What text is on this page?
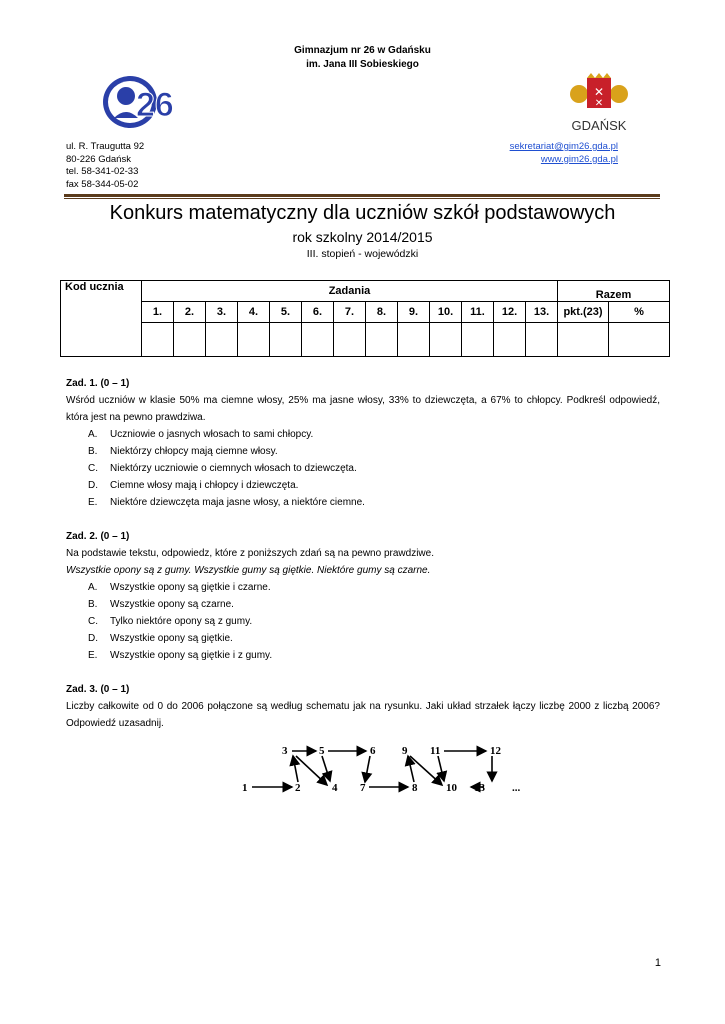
Gimnazjum nr 26 w Gdańsku
im. Jana III Sobieskiego
26	✕
✕
GDAŃSK
ul. R. Traugutta 92
80-226 Gdańsk
tel. 58-341-02-33
fax 58-344-05-02
sekretariat@gim26.gda.pl
www.gim26.gda.pl
Konkurs matematyczny dla uczniów szkół podstawowych
rok szkolny 2014/2015
III. stopień - wojewódzki
Kod ucznia	Zadania													Razem	
	1.	2.	3.	4.	5.	6.	7.	8.	9.	10.	11.	12.	13.	pkt.(23)	%

Zad. 1. (0 – 1)
Wśród uczniów w klasie 50% ma ciemne włosy, 25% ma jasne włosy, 33% to dziewczęta, a 67% to chłopcy. Podkreśl odpowiedź, która jest na pewno prawdziwa.
A.	Uczniowie o jasnych włosach to sami chłopcy.
B.	Niektórzy chłopcy mają ciemne włosy.
C.	Niektórzy uczniowie o ciemnych włosach to dziewczęta.
D.	Ciemne włosy mają i chłopcy i dziewczęta.
E.	Niektóre dziewczęta maja jasne włosy, a niektóre ciemne.
Zad. 2. (0 – 1)
Na podstawie tekstu, odpowiedz, które z poniższych zdań są na pewno prawdziwe.
Wszystkie opony są z gumy. Wszystkie gumy są giętkie. Niektóre gumy są czarne.
A.	Wszystkie opony są giętkie i czarne.
B.	Wszystkie opony są czarne.
C.	Tylko niektóre opony są z gumy.
D.	Wszystkie opony są giętkie.
E.	Wszystkie opony są giętkie i z gumy.
Zad. 3. (0 – 1)
Liczby całkowite od 0 do 2006 połączone są według schematu jak na rysunku. Jaki układ strzałek łączy liczbę 2000 z liczbą 2006? Odpowiedź uzasadnij.
3	5	6 9 11	12
1	2	4 7	8	10 13 ...
1
